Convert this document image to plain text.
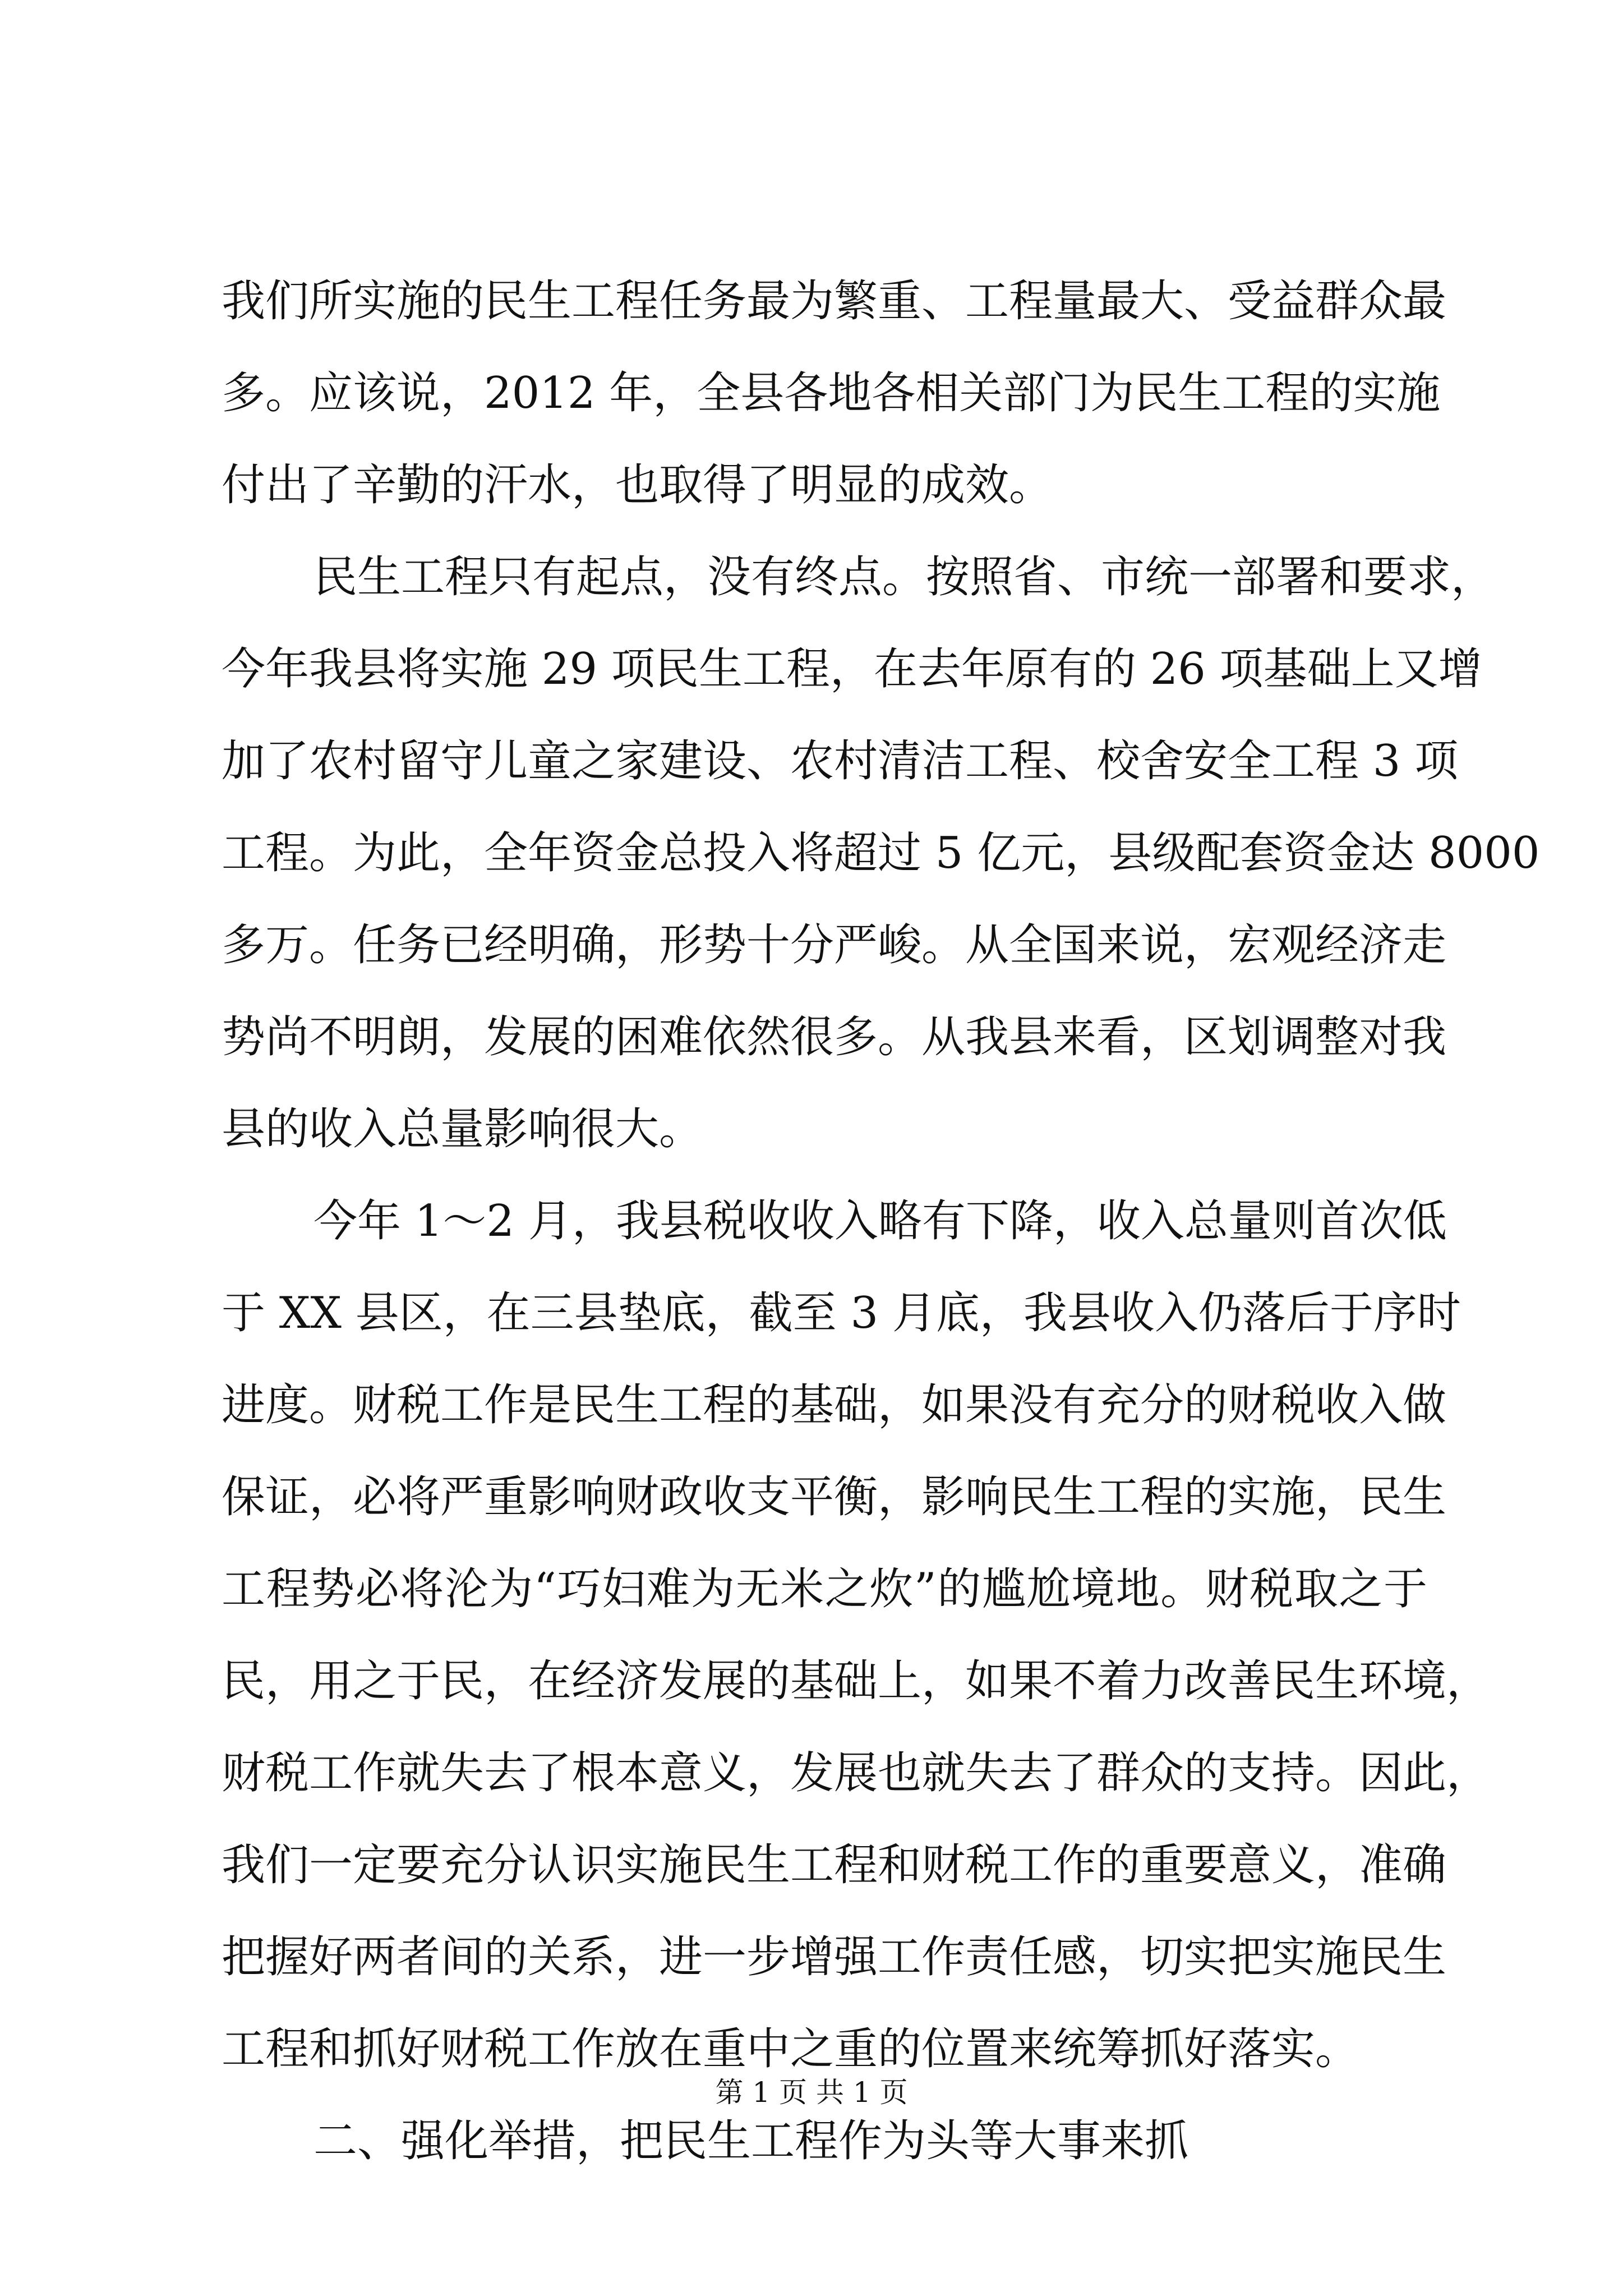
我们所实施的民生工程任务最为繁重、工程量最大、受益群众最
多。应该说，2012 年，全县各地各相关部门为民生工程的实施
付出了辛勤的汗水，也取得了明显的成效。
民生工程只有起点，没有终点。按照省、市统一部署和要求，
今年我县将实施 29 项民生工程，在去年原有的 26 项基础上又增
加了农村留守儿童之家建设、农村清洁工程、校舍安全工程 3 项
工程。为此，全年资金总投入将超过 5 亿元，县级配套资金达 8000
多万。任务已经明确，形势十分严峻。从全国来说，宏观经济走
势尚不明朗，发展的困难依然很多。从我县来看，区划调整对我
县的收入总量影响很大。
今年 1～2 月，我县税收收入略有下降，收入总量则首次低
于 XX 县区，在三县垫底，截至 3 月底，我县收入仍落后于序时
进度。财税工作是民生工程的基础，如果没有充分的财税收入做
保证，必将严重影响财政收支平衡，影响民生工程的实施，民生
工程势必将沦为“巧妇难为无米之炊”的尴尬境地。财税取之于
民，用之于民，在经济发展的基础上，如果不着力改善民生环境，
财税工作就失去了根本意义，发展也就失去了群众的支持。因此，
我们一定要充分认识实施民生工程和财税工作的重要意义，准确
把握好两者间的关系，进一步增强工作责任感，切实把实施民生
工程和抓好财税工作放在重中之重的位置来统筹抓好落实。
二、强化举措，把民生工程作为头等大事来抓
第 1 页 共 1 页
